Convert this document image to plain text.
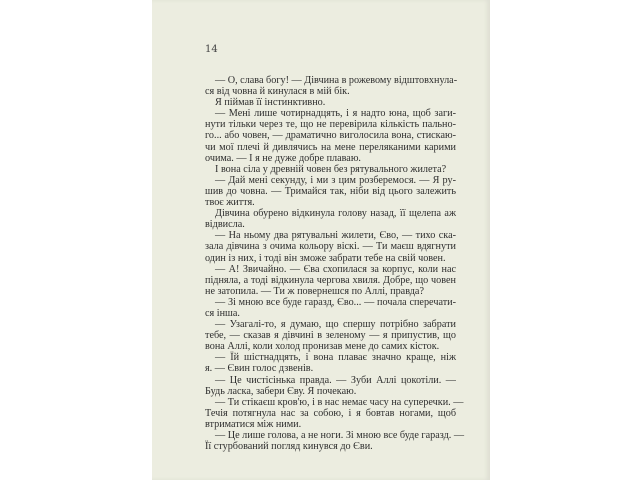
14
— О, слава богу! — Дівчина в рожевому відштовхнула-
ся від човна й кинулася в мій бік.
Я піймав її інстинктивно.
— Мені лише чотирнадцять, і я надто юна, щоб заги-
нути тільки через те, що не перевірила кількість пально-
го... або човен, — драматично виголосила вона, стискаю-
чи мої плечі й дивлячись на мене переляканими карими
очима. — І я не дуже добре плаваю.
І вона сіла у древній човен без рятувального жилета?
— Дай мені секунду, і ми з цим розберемося. — Я ру-
шив до човна. — Тримайся так, ніби від цього залежить
твоє життя.
Дівчина обурено відкинула голову назад, її щелепа аж
відвисла.
— На ньому два рятувальні жилети, Єво, — тихо ска-
зала дівчина з очима кольору віскі. — Ти маєш вдягнути
один із них, і тоді він зможе забрати тебе на свій човен.
— А! Звичайно. — Єва схопилася за корпус, коли нас
підняла, а тоді відкинула чергова хвиля. Добре, що човен
не затопила. — Ти ж повернешся по Аллі, правда?
— Зі мною все буде гаразд, Єво... — почала сперечати-
ся інша.
— Узагалі-то, я думаю, що спершу потрібно забрати
тебе, — сказав я дівчині в зеленому — я припустив, що
вона Аллі, коли холод пронизав мене до самих кісток.
— Їй шістнадцять, і вона плаває значно краще, ніж
я. — Євин голос дзвенів.
— Це чистісінька правда. — Зуби Аллі цокотіли. —
Будь ласка, забери Єву. Я почекаю.
— Ти стікаєш кров'ю, і в нас немає часу на суперечки. —
Течія потягнула нас за собою, і я бовтав ногами, щоб
втриматися між ними.
— Це лише голова, а не ноги. Зі мною все буде гаразд. —
Її стурбований погляд кинувся до Єви.
